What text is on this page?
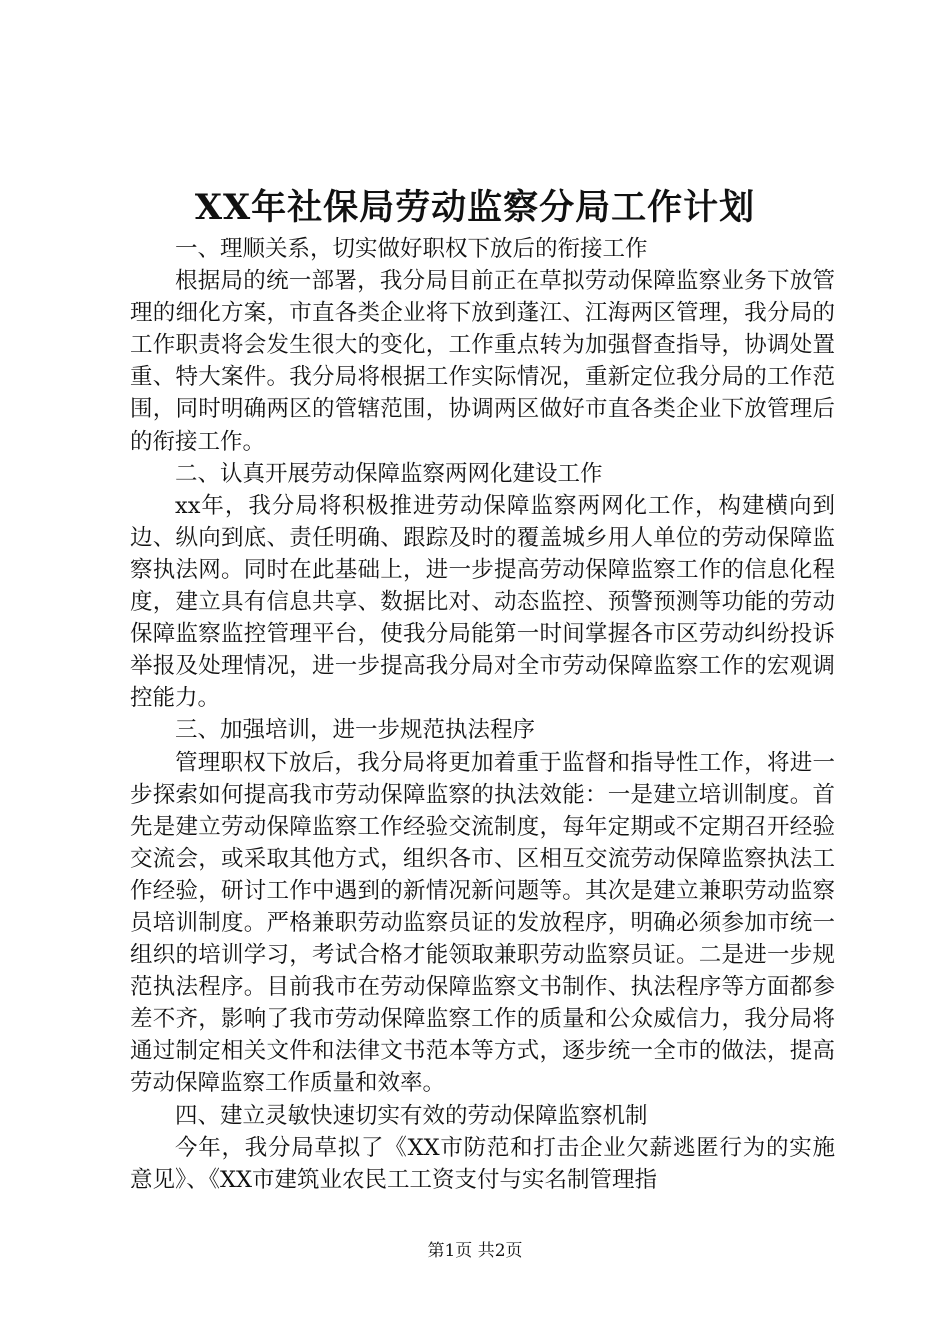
XX年社保局劳动监察分局工作计划

一、理顺关系，切实做好职权下放后的衔接工作

根据局的统一部署，我分局目前正在草拟劳动保障监察业务下放管理的细化方案，市直各类企业将下放到蓬江、江海两区管理，我分局的工作职责将会发生很大的变化，工作重点转为加强督查指导，协调处置重、特大案件。我分局将根据工作实际情况，重新定位我分局的工作范围，同时明确两区的管辖范围，协调两区做好市直各类企业下放管理后的衔接工作。

二、认真开展劳动保障监察两网化建设工作

xx年，我分局将积极推进劳动保障监察两网化工作，构建横向到边、纵向到底、责任明确、跟踪及时的覆盖城乡用人单位的劳动保障监察执法网。同时在此基础上，进一步提高劳动保障监察工作的信息化程度，建立具有信息共享、数据比对、动态监控、预警预测等功能的劳动保障监察监控管理平台，使我分局能第一时间掌握各市区劳动纠纷投诉举报及处理情况，进一步提高我分局对全市劳动保障监察工作的宏观调控能力。

三、加强培训，进一步规范执法程序

管理职权下放后，我分局将更加着重于监督和指导性工作，将进一步探索如何提高我市劳动保障监察的执法效能：一是建立培训制度。首先是建立劳动保障监察工作经验交流制度，每年定期或不定期召开经验交流会，或采取其他方式，组织各市、区相互交流劳动保障监察执法工作经验，研讨工作中遇到的新情况新问题等。其次是建立兼职劳动监察员培训制度。严格兼职劳动监察员证的发放程序，明确必须参加市统一组织的培训学习，考试合格才能领取兼职劳动监察员证。二是进一步规范执法程序。目前我市在劳动保障监察文书制作、执法程序等方面都参差不齐，影响了我市劳动保障监察工作的质量和公众威信力，我分局将通过制定相关文件和法律文书范本等方式，逐步统一全市的做法，提高劳动保障监察工作质量和效率。

四、建立灵敏快速切实有效的劳动保障监察机制

今年，我分局草拟了《XX市防范和打击企业欠薪逃匿行为的实施意见》、《XX市建筑业农民工工资支付与实名制管理指

第1页 共2页
